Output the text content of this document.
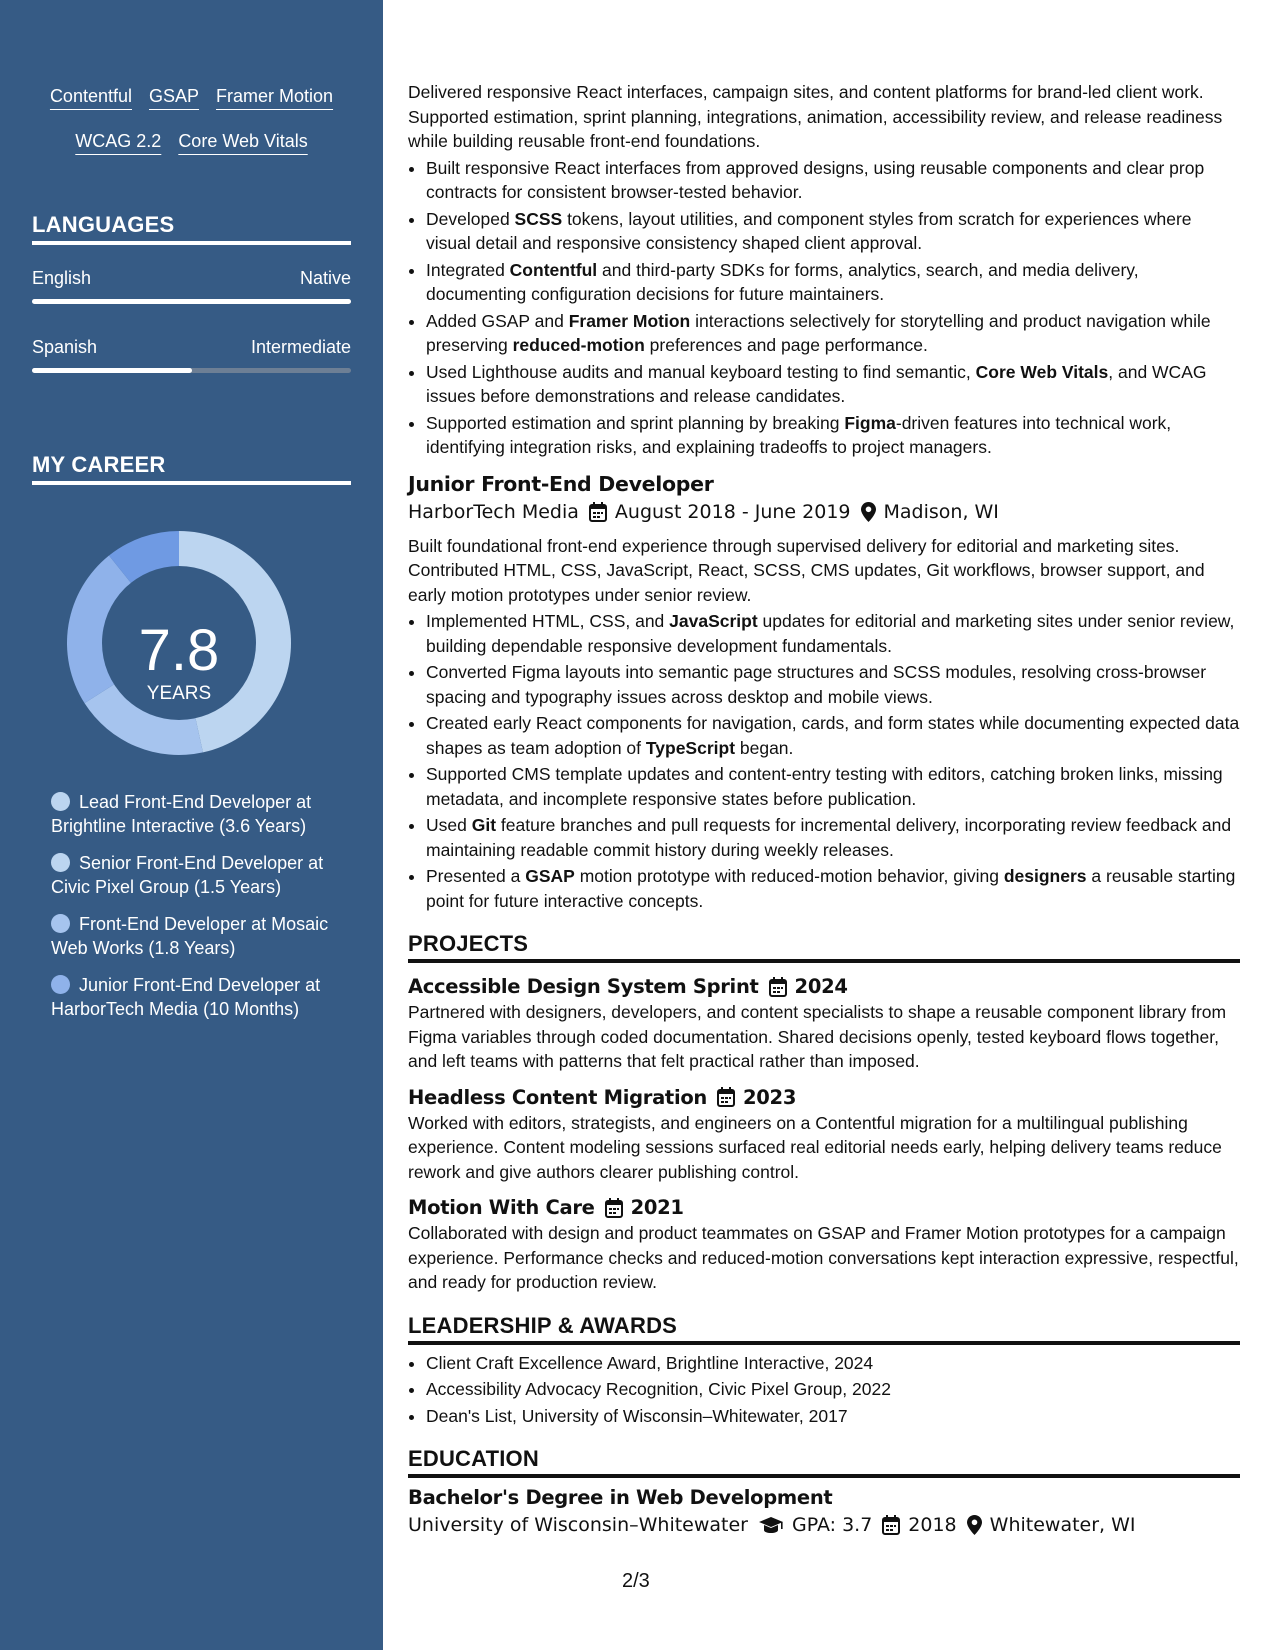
Contentful GSAP Framer Motion
WCAG 2.2 Core Web Vitals
LANGUAGES
English	Native
Spanish	Intermediate
MY CAREER
7.8
YEARS
Lead Front-End Developer at Brightline Interactive (3.6 Years)
Senior Front-End Developer at Civic Pixel Group (1.5 Years)
Front-End Developer at Mosaic Web Works (1.8 Years)
Junior Front-End Developer at HarborTech Media (10 Months)

Delivered responsive React interfaces, campaign sites, and content platforms for brand-led client work. Supported estimation, sprint planning, integrations, animation, accessibility review, and release readiness while building reusable front-end foundations.

• Built responsive React interfaces from approved designs, using reusable components and clear prop contracts for consistent browser-tested behavior.
• Developed SCSS tokens, layout utilities, and component styles from scratch for experiences where visual detail and responsive consistency shaped client approval.
• Integrated Contentful and third-party SDKs for forms, analytics, search, and media delivery, documenting configuration decisions for future maintainers.
• Added GSAP and Framer Motion interactions selectively for storytelling and product navigation while preserving reduced-motion preferences and page performance.
• Used Lighthouse audits and manual keyboard testing to find semantic, Core Web Vitals, and WCAG issues before demonstrations and release candidates.
• Supported estimation and sprint planning by breaking Figma-driven features into technical work, identifying integration risks, and explaining tradeoffs to project managers.
Junior Front-End Developer
HarborTech Media August 2018 - June 2019 Madison, WI

Built foundational front-end experience through supervised delivery for editorial and marketing sites. Contributed HTML, CSS, JavaScript, React, SCSS, CMS updates, Git workflows, browser support, and early motion prototypes under senior review.

• Implemented HTML, CSS, and JavaScript updates for editorial and marketing sites under senior review, building dependable responsive development fundamentals.
• Converted Figma layouts into semantic page structures and SCSS modules, resolving cross-browser spacing and typography issues across desktop and mobile views.
• Created early React components for navigation, cards, and form states while documenting expected data shapes as team adoption of TypeScript began.
• Supported CMS template updates and content-entry testing with editors, catching broken links, missing metadata, and incomplete responsive states before publication.
• Used Git feature branches and pull requests for incremental delivery, incorporating review feedback and maintaining readable commit history during weekly releases.
• Presented a GSAP motion prototype with reduced-motion behavior, giving designers a reusable starting point for future interactive concepts.
PROJECTS
Accessible Design System Sprint 2024

Partnered with designers, developers, and content specialists to shape a reusable component library from Figma variables through coded documentation. Shared decisions openly, tested keyboard flows together, and left teams with patterns that felt practical rather than imposed.

Headless Content Migration 2023

Worked with editors, strategists, and engineers on a Contentful migration for a multilingual publishing experience. Content modeling sessions surfaced real editorial needs early, helping delivery teams reduce rework and give authors clearer publishing control.

Motion With Care 2021

Collaborated with design and product teammates on GSAP and Framer Motion prototypes for a campaign experience. Performance checks and reduced-motion conversations kept interaction expressive, respectful, and ready for production review.

LEADERSHIP & AWARDS
• Client Craft Excellence Award, Brightline Interactive, 2024
• Accessibility Advocacy Recognition, Civic Pixel Group, 2022
• Dean's List, University of Wisconsin–Whitewater, 2017
EDUCATION
Bachelor's Degree in Web Development
University of Wisconsin–Whitewater GPA: 3.7 2018 Whitewater, WI
2/3
